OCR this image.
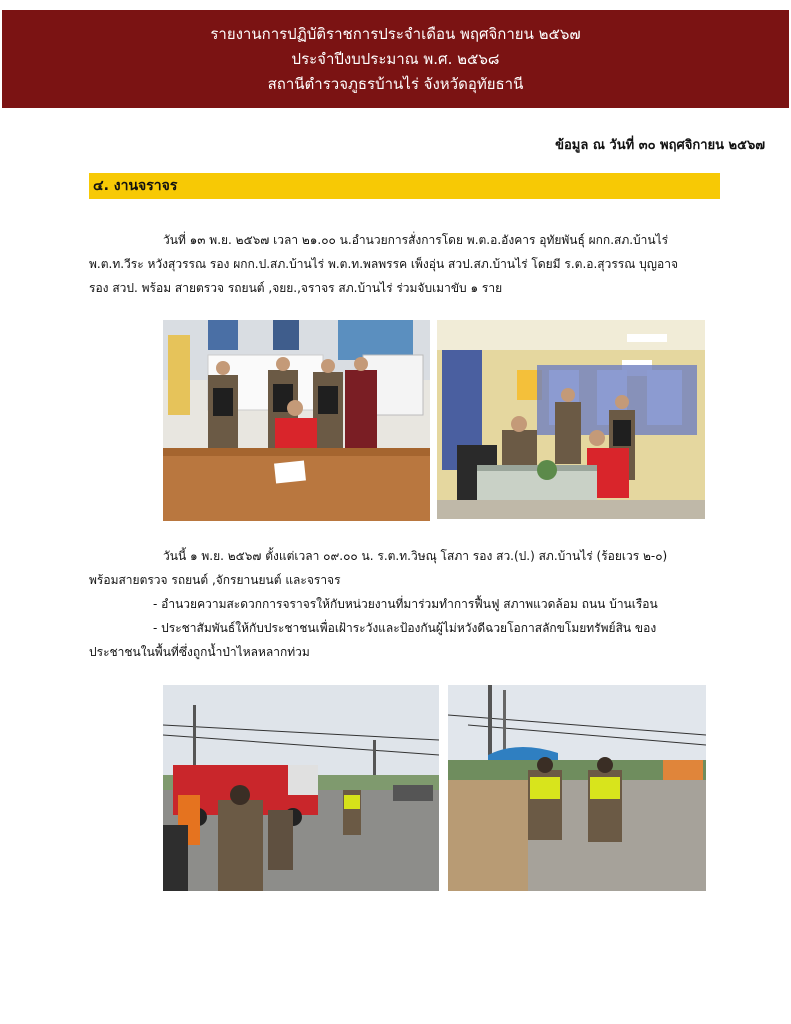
รายงานการปฏิบัติราชการประจำเดือน พฤศจิกายน ๒๕๖๗
ประจำปีงบประมาณ พ.ศ. ๒๕๖๘
สถานีตำรวจภูธรบ้านไร่ จังหวัดอุทัยธานี
ข้อมูล ณ วันที่ ๓๐ พฤศจิกายน ๒๕๖๗
๔. งานจราจร

วันที่ ๑๓ พ.ย. ๒๕๖๗ เวลา ๒๑.๐๐ น.อำนวยการสั่งการโดย พ.ต.อ.อังคาร อุทัยพันธุ์ ผกก.สภ.บ้านไร่

พ.ต.ท.วีระ หวังสุวรรณ รอง ผกก.ป.สภ.บ้านไร่ พ.ต.ท.พลพรรค เพ็งอุ่น สวป.สภ.บ้านไร่ โดยมี ร.ต.อ.สุวรรณ บุญอาจ

รอง สวป. พร้อม สายตรวจ รถยนต์ ,จยย.,จราจร สภ.บ้านไร่ ร่วมจับเมาขับ ๑ ราย

วันนี้ ๑ พ.ย. ๒๕๖๗ ตั้งแต่เวลา ๐๙.๐๐ น. ร.ต.ท.วิษณุ โสภา รอง สว.(ป.) สภ.บ้านไร่ (ร้อยเวร ๒-๐)

พร้อมสายตรวจ รถยนต์ ,จักรยานยนต์ และจราจร

- อำนวยความสะดวกการจราจรให้กับหน่วยงานที่มาร่วมทำการฟื้นฟู สภาพแวดล้อม ถนน บ้านเรือน

- ประชาสัมพันธ์ให้กับประชาชนเพื่อเฝ้าระวังและป้องกันผู้ไม่หวังดีฉวยโอกาสลักขโมยทรัพย์สิน ของ

ประชาชนในพื้นที่ซึ่งถูกน้ำป่าไหลหลากท่วม
